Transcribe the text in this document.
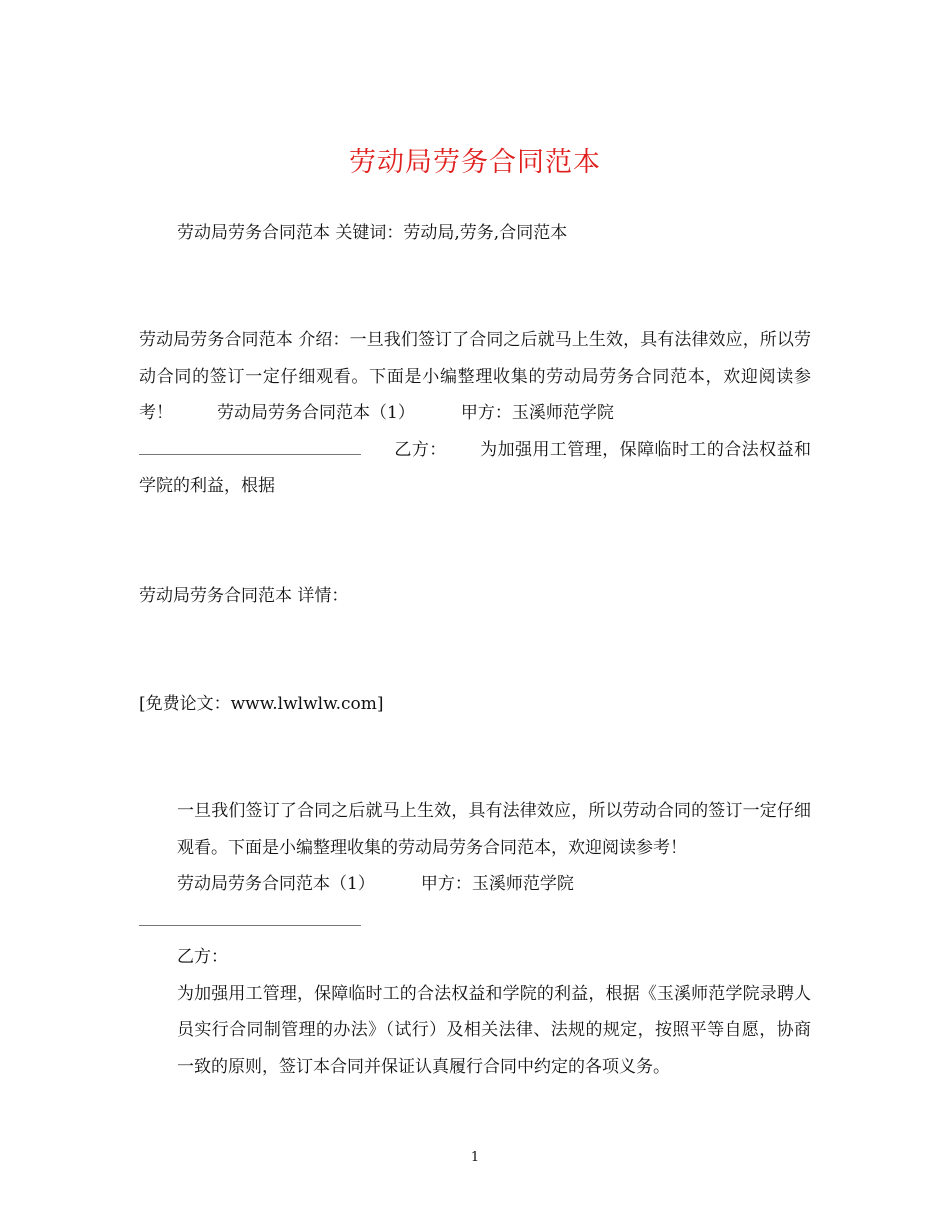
劳动局劳务合同范本
劳动局劳务合同范本 关键词：劳动局,劳务,合同范本
劳动局劳务合同范本 介绍：一旦我们签订了合同之后就马上生效，具有法律效应，所以劳动合同的签订一定仔细观看。下面是小编整理收集的劳动局劳务合同范本，欢迎阅读参考！	劳动局劳务合同范本（1）	甲方：玉溪师范学院
乙方： 为加强用工管理，保障临时工的合法权益和学院的利益，根据
劳动局劳务合同范本 详情：
[免费论文：www.lwlwlw.com]
一旦我们签订了合同之后就马上生效，具有法律效应，所以劳动合同的签订一定仔细观看。下面是小编整理收集的劳动局劳务合同范本，欢迎阅读参考！
劳动局劳务合同范本（1）	甲方：玉溪师范学院
乙方：
为加强用工管理，保障临时工的合法权益和学院的利益，根据《玉溪师范学院录聘人员实行合同制管理的办法》（试行）及相关法律、法规的规定，按照平等自愿，协商一致的原则，签订本合同并保证认真履行合同中约定的各项义务。
1
